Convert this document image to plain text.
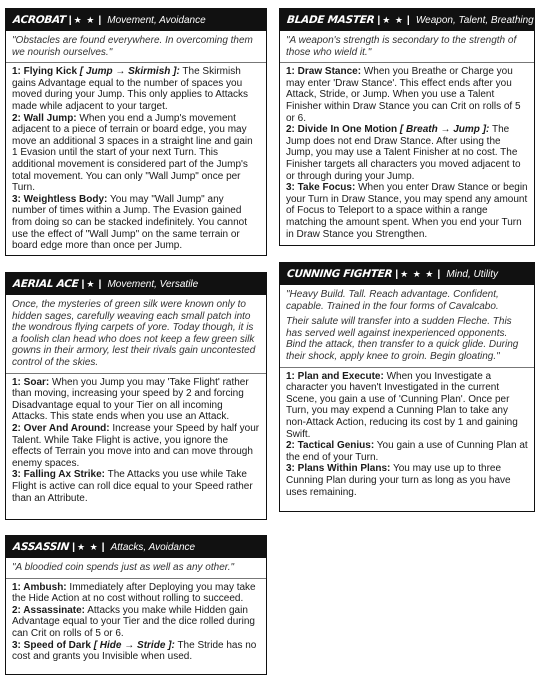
ACROBAT | ★ ★ | Movement, Avoidance

"Obstacles are found everywhere. In overcoming them we nourish ourselves."

1: Flying Kick [ Jump → Skirmish ]: The Skirmish gains Advantage equal to the number of spaces you moved during your Jump. This only applies to Attacks made while adjacent to your target.

2: Wall Jump: When you end a Jump's movement adjacent to a piece of terrain or board edge, you may move an additional 3 spaces in a straight line and gain 1 Evasion until the start of your next Turn. This additional movement is considered part of the Jump's total movement. You can only "Wall Jump" once per Turn.

3: Weightless Body: You may "Wall Jump" any number of times within a Jump. The Evasion gained from doing so can be stacked indefinitely. You cannot use the effect of "Wall Jump" on the same terrain or board edge more than once per Jump.

AERIAL ACE | ★ | Movement, Versatile

Once, the mysteries of green silk were known only to hidden sages, carefully weaving each small patch into the wondrous flying carpets of yore. Today though, it is a foolish clan head who does not keep a few green silk gowns in their armory, lest their rivals gain uncontested control of the skies.

1: Soar: When you Jump you may 'Take Flight' rather than moving, increasing your speed by 2 and forcing Disadvantage equal to your Tier on all incoming Attacks. This state ends when you use an Attack.

2: Over And Around: Increase your Speed by half your Talent. While Take Flight is active, you ignore the effects of Terrain you move into and can move through enemy spaces.

3: Falling Ax Strike: The Attacks you use while Take Flight is active can roll dice equal to your Speed rather than an Attribute.

ASSASSIN | ★ ★ | Attacks, Avoidance

"A bloodied coin spends just as well as any other."

1: Ambush: Immediately after Deploying you may take the Hide Action at no cost without rolling to succeed.

2: Assassinate: Attacks you make while Hidden gain Advantage equal to your Tier and the dice rolled during can Crit on rolls of 5 or 6.

3: Speed of Dark [ Hide → Stride ]: The Stride has no cost and grants you Invisible when used.

BLADE MASTER | ★ ★ | Weapon, Talent, Breathing

"A weapon's strength is secondary to the strength of those who wield it."

1: Draw Stance: When you Breathe or Charge you may enter 'Draw Stance'. This effect ends after you Attack, Stride, or Jump. When you use a Talent Finisher within Draw Stance you can Crit on rolls of 5 or 6.

2: Divide In One Motion [ Breath → Jump ]: The Jump does not end Draw Stance. After using the Jump, you may use a Talent Finisher at no cost. The Finisher targets all characters you moved adjacent to or through during your Jump.

3: Take Focus: When you enter Draw Stance or begin your Turn in Draw Stance, you may spend any amount of Focus to Teleport to a space within a range matching the amount spent. When you end your Turn in Draw Stance you Strengthen.

CUNNING FIGHTER | ★ ★ ★ | Mind, Utility

"Heavy Build. Tall. Reach advantage. Confident, capable. Trained in the four forms of Cavalcabo.

Their salute will transfer into a sudden Fleche. This has served well against inexperienced opponents. Bind the attack, then transfer to a quick glide. During their shock, apply knee to groin. Begin gloating."

1: Plan and Execute: When you Investigate a character you haven't Investigated in the current Scene, you gain a use of 'Cunning Plan'. Once per Turn, you may expend a Cunning Plan to take any non-Attack Action, reducing its cost by 1 and gaining Swift.

2: Tactical Genius: You gain a use of Cunning Plan at the end of your Turn.

3: Plans Within Plans: You may use up to three Cunning Plan during your turn as long as you have uses remaining.
